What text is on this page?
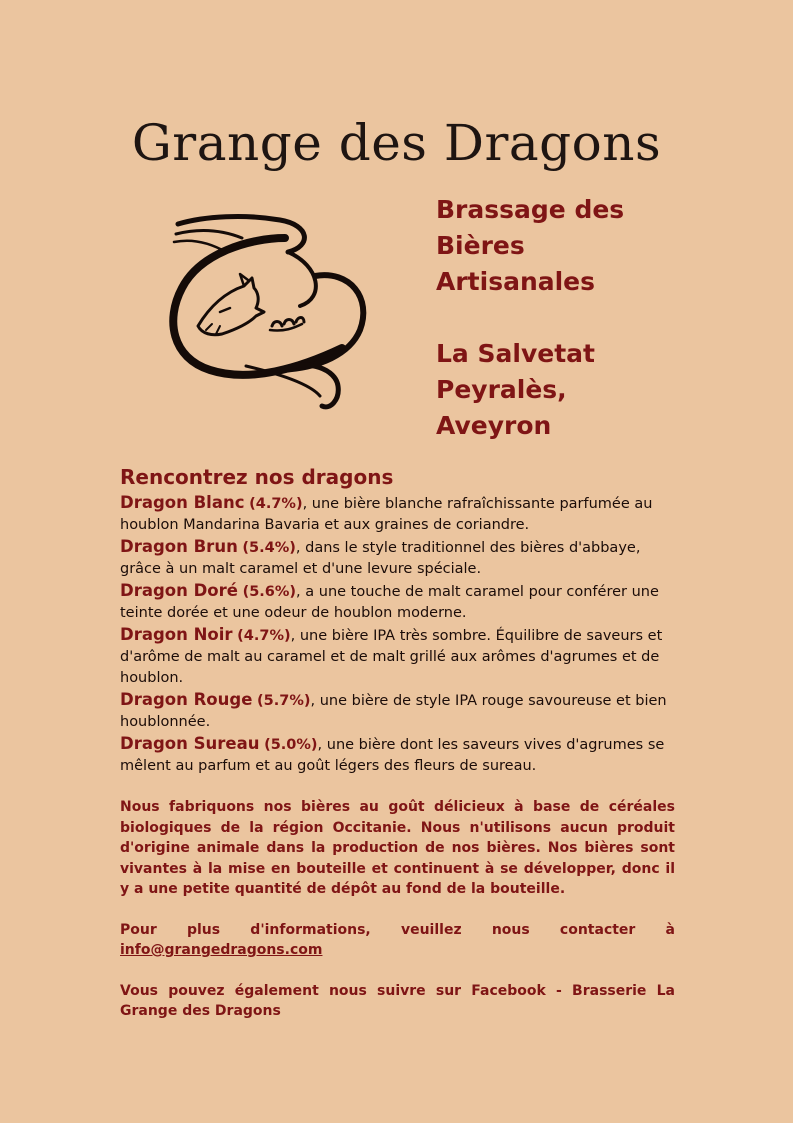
Grange des Dragons
Brassage des
Bières
Artisanales
La Salvetat
Peyralès,
Aveyron
Rencontrez nos dragons

Dragon Blanc (4.7%), une bière blanche rafraîchissante parfumée au houblon Mandarina Bavaria et aux graines de coriandre.

Dragon Brun (5.4%), dans le style traditionnel des bières d'abbaye, grâce à un malt caramel et d'une levure spéciale.

Dragon Doré (5.6%), a une touche de malt caramel pour conférer une teinte dorée et une odeur de houblon moderne.

Dragon Noir (4.7%), une bière IPA très sombre. Équilibre de saveurs et d'arôme de malt au caramel et de malt grillé aux arômes d'agrumes et de houblon.

Dragon Rouge (5.7%), une bière de style IPA rouge savoureuse et bien houblonnée.

Dragon Sureau (5.0%), une bière dont les saveurs vives d'agrumes se mêlent au parfum et au goût légers des fleurs de sureau.

Nous fabriquons nos bières au goût délicieux à base de céréales biologiques de la région Occitanie. Nous n'utilisons aucun produit d'origine animale dans la production de nos bières. Nos bières sont vivantes à la mise en bouteille et continuent à se développer, donc il y a une petite quantité de dépôt au fond de la bouteille.

Pour plus d'informations, veuillez nous contacter à info@grangedragons.com

Vous pouvez également nous suivre sur Facebook - Brasserie La Grange des Dragons
